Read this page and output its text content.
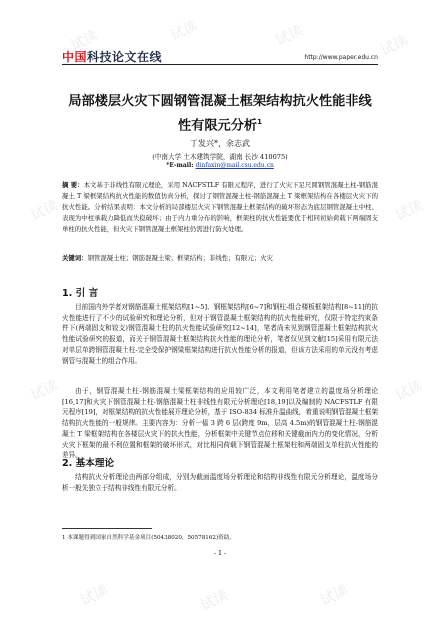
试读	试读	试读	试读
试读	试读
试读	试读
试读	试读	试读
中国科技论文在线	http://www.paper.edu.cn
局部楼层火灾下圆钢管混凝土框架结构抗火性能非线
性有限元分析$^1$
丁发兴*，余志武
(中南大学 土木建筑学院，湖南 长沙 410075)
*E-mail: dinfaxin@mail.csu.edu.cn
摘 要：本文基于非线性有限元理论，采用 NACFSTLF 有限元程序，进行了火灾下足尺圆钢管混凝土柱-钢筋混凝土 T 梁框架结构抗火性能的数值仿真分析，探讨了钢管混凝土柱-钢筋混凝土 T 梁框架结构在各楼层火灾下的抗火性能。分析结果表明：本文分析的局部楼层火灾下钢管混凝土框架结构的破坏形态为底层钢管混凝土中柱、表现为中柱承载力降低而失稳破坏；由于内力重分布的影响，框架柱的抗火性能要优于相同初始荷载下两端固支单柱的抗火性能，但火灾下钢管混凝土框架柱仍需进行防火处理。
关键词：钢管混凝土柱；钢筋混凝土梁；框架结构；非线性；有限元；火灾
1. 引 言
目前国内外学者对钢筋混凝土框架结构[1~5]、钢框架结构[6~7]和钢柱-组合楼板框架结构[8~11]的抗火性能进行了不少的试验研究和理论分析，但对于钢管混凝土框架结构的抗火性能研究，仅限于特定约束条件下(两端固支和铰支)钢管混凝土柱的抗火性能试验研究[12~14]，笔者尚未见到钢管混凝土框架结构抗火性能试验研究的报道，而关于钢管混凝土框架结构抗火性能的理论分析，笔者仅见到文献[15]采用有限元法对单层单跨钢管混凝土柱-完全受保护钢梁框架结构进行抗火性能分析的报道，但该方法采用的单元没有考虑钢管与混凝土的组合作用。
由于，钢管混凝土柱-钢筋混凝土梁框架结构的应用较广泛，本文利用笔者建立的温度场分析理论[16,17]和火灾下钢管混凝土柱-钢筋混凝土柱非线性有限元分析理论[18,19]以及编制的 NACFSTLF 有限元程序[19]，对框架结构的抗火性能展开理论分析，基于 ISO-834 标准升温曲线，着重说明钢管混凝土框架结构抗火性能的一般规律。主要内容为：分析一榀 3 跨 6 层(跨度 9m，层高 4.5m)的钢管混凝土柱-钢筋混凝土 T 梁框架结构在各楼层火灾下的抗火性能，分析框架中关键节点位移和关键截面内力的变化情况，分析火灾下框架的最不利位置和框架的破坏形式，对比相同荷载下钢管混凝土框架柱和两端固支单柱抗火性能的差异。
2. 基本理论
结构抗火分析理论由两部分组成，分别为截面温度场分析理论和结构非线性有限元分析理论，温度场分析一般先独立于结构非线性有限元分析。
1 本课题得到国家自然科学基金项目(50438020，50578162)资助。
- 1 -
